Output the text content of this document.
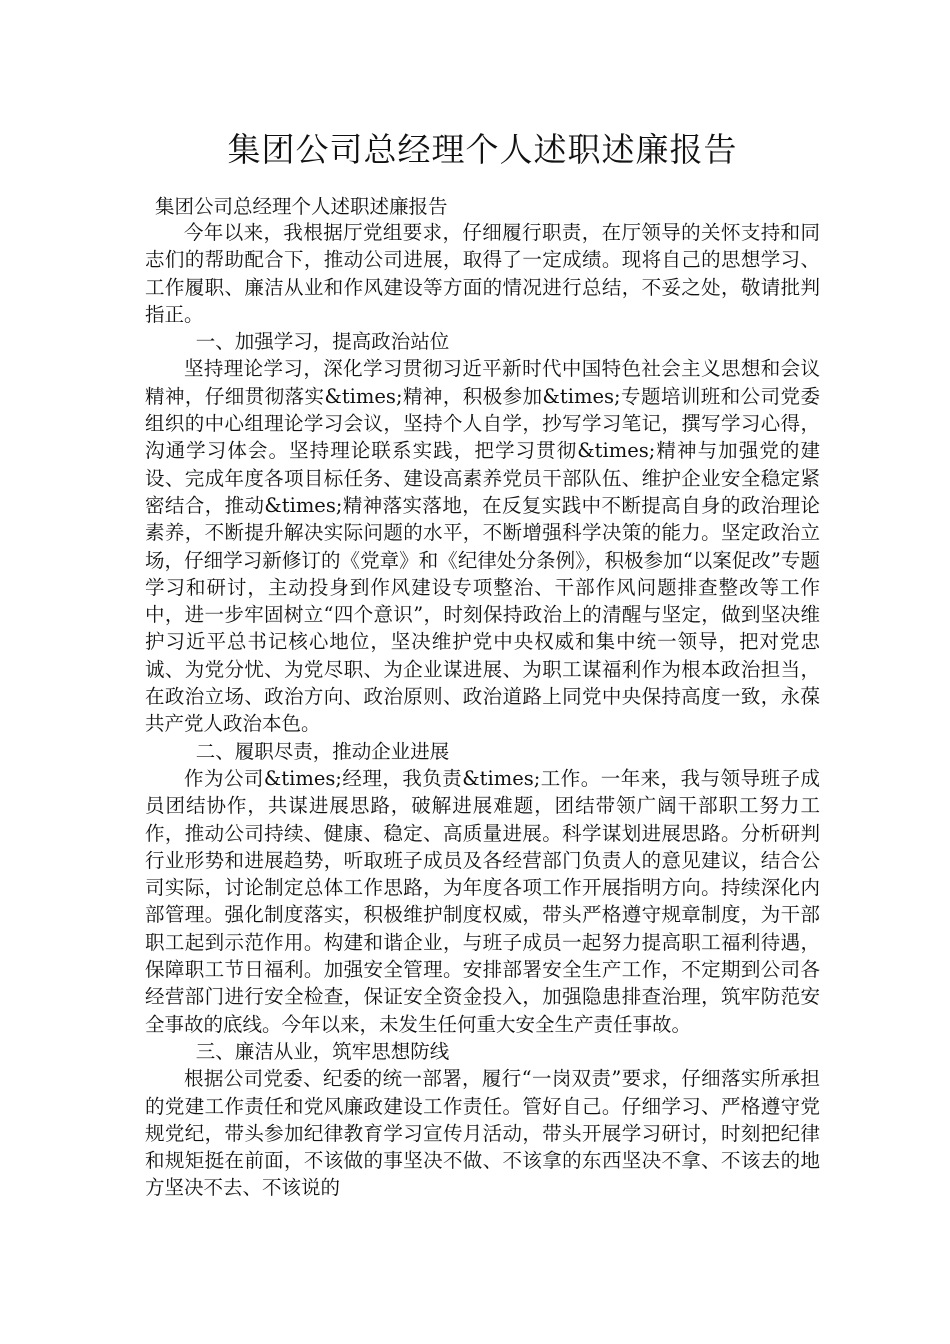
集团公司总经理个人述职述廉报告
集团公司总经理个人述职述廉报告

今年以来，我根据厅党组要求，仔细履行职责，在厅领导的关怀支持和同志们的帮助配合下，推动公司进展，取得了一定成绩。现将自己的思想学习、工作履职、廉洁从业和作风建设等方面的情况进行总结，不妥之处，敬请批判指正。

一、加强学习，提高政治站位

坚持理论学习，深化学习贯彻习近平新时代中国特色社会主义思想和会议精神，仔细贯彻落实&times;精神，积极参加&times;专题培训班和公司党委组织的中心组理论学习会议，坚持个人自学，抄写学习笔记，撰写学习心得，沟通学习体会。坚持理论联系实践，把学习贯彻&times;精神与加强党的建设、完成年度各项目标任务、建设高素养党员干部队伍、维护企业安全稳定紧密结合，推动&times;精神落实落地，在反复实践中不断提高自身的政治理论素养，不断提升解决实际问题的水平，不断增强科学决策的能力。坚定政治立场，仔细学习新修订的《党章》和《纪律处分条例》，积极参加“以案促改”专题学习和研讨，主动投身到作风建设专项整治、干部作风问题排查整改等工作中，进一步牢固树立“四个意识”，时刻保持政治上的清醒与坚定，做到坚决维护习近平总书记核心地位，坚决维护党中央权威和集中统一领导，把对党忠诚、为党分忧、为党尽职、为企业谋进展、为职工谋福利作为根本政治担当，在政治立场、政治方向、政治原则、政治道路上同党中央保持高度一致，永葆共产党人政治本色。

二、履职尽责，推动企业进展

作为公司&times;经理，我负责&times;工作。一年来，我与领导班子成员团结协作，共谋进展思路，破解进展难题，团结带领广阔干部职工努力工作，推动公司持续、健康、稳定、高质量进展。科学谋划进展思路。分析研判行业形势和进展趋势，听取班子成员及各经营部门负责人的意见建议，结合公司实际，讨论制定总体工作思路，为年度各项工作开展指明方向。持续深化内部管理。强化制度落实，积极维护制度权威，带头严格遵守规章制度，为干部职工起到示范作用。构建和谐企业，与班子成员一起努力提高职工福利待遇，保障职工节日福利。加强安全管理。安排部署安全生产工作，不定期到公司各经营部门进行安全检查，保证安全资金投入，加强隐患排查治理，筑牢防范安全事故的底线。今年以来，未发生任何重大安全生产责任事故。

三、廉洁从业，筑牢思想防线

根据公司党委、纪委的统一部署，履行“一岗双责”要求，仔细落实所承担的党建工作责任和党风廉政建设工作责任。管好自己。仔细学习、严格遵守党规党纪，带头参加纪律教育学习宣传月活动，带头开展学习研讨，时刻把纪律和规矩挺在前面，不该做的事坚决不做、不该拿的东西坚决不拿、不该去的地方坚决不去、不该说的
